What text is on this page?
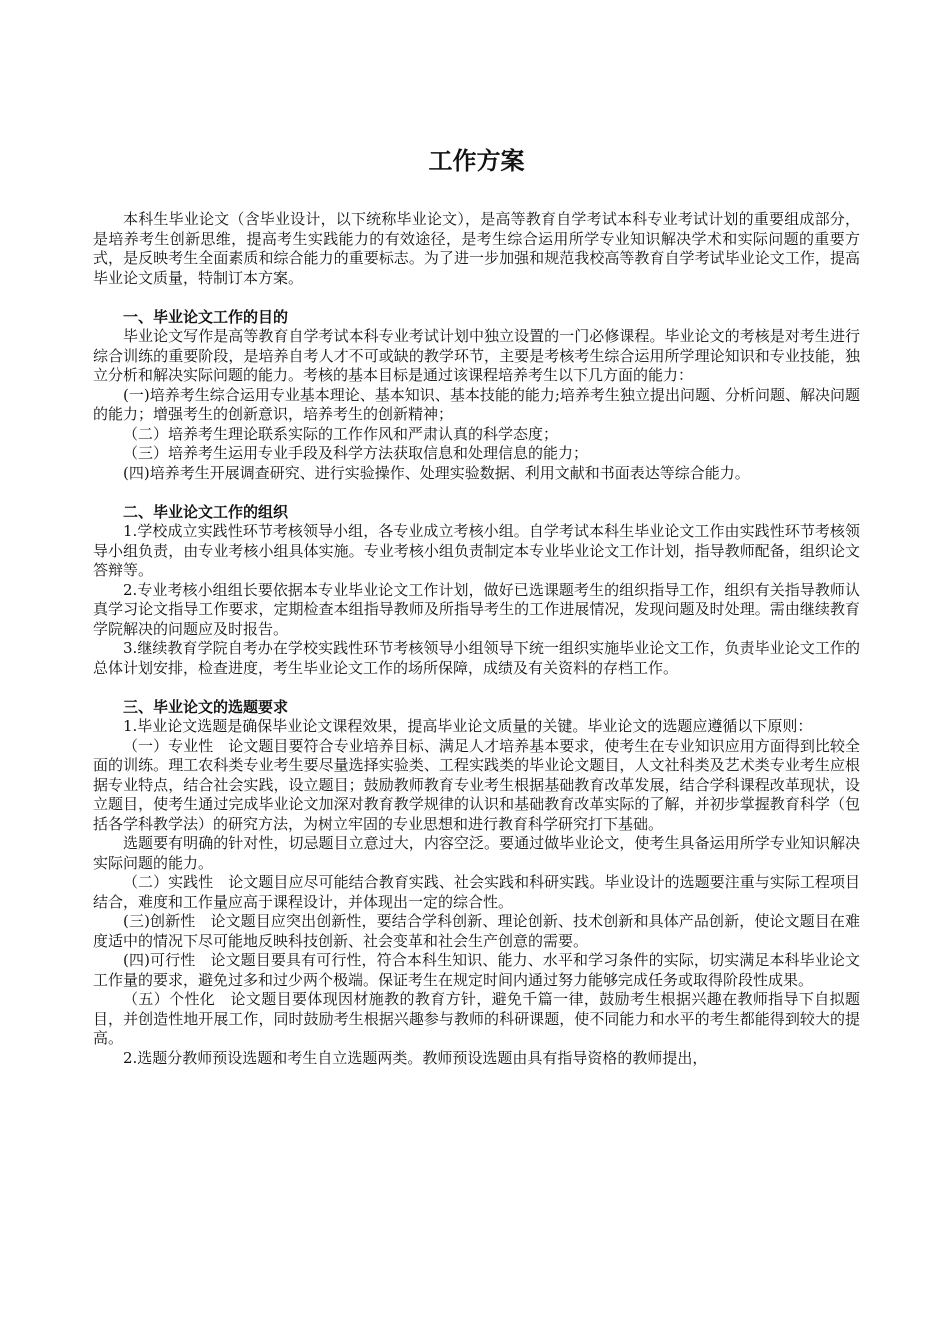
工作方案

本科生毕业论文（含毕业设计，以下统称毕业论文），是高等教育自学考试本科专业考试计划的重要组成部分，是培养考生创新思维，提高考生实践能力的有效途径，是考生综合运用所学专业知识解决学术和实际问题的重要方式，是反映考生全面素质和综合能力的重要标志。为了进一步加强和规范我校高等教育自学考试毕业论文工作，提高毕业论文质量，特制订本方案。

一、毕业论文工作的目的

毕业论文写作是高等教育自学考试本科专业考试计划中独立设置的一门必修课程。毕业论文的考核是对考生进行综合训练的重要阶段，是培养自考人才不可或缺的教学环节，主要是考核考生综合运用所学理论知识和专业技能，独立分析和解决实际问题的能力。考核的基本目标是通过该课程培养考生以下几方面的能力：

(一)培养考生综合运用专业基本理论、基本知识、基本技能的能力;培养考生独立提出问题、分析问题、解决问题的能力；增强考生的创新意识，培养考生的创新精神；

（二）培养考生理论联系实际的工作作风和严肃认真的科学态度；

（三）培养考生运用专业手段及科学方法获取信息和处理信息的能力；

(四)培养考生开展调查研究、进行实验操作、处理实验数据、利用文献和书面表达等综合能力。

二、毕业论文工作的组织

1.学校成立实践性环节考核领导小组，各专业成立考核小组。自学考试本科生毕业论文工作由实践性环节考核领导小组负责，由专业考核小组具体实施。专业考核小组负责制定本专业毕业论文工作计划，指导教师配备，组织论文答辩等。

2.专业考核小组组长要依据本专业毕业论文工作计划，做好已选课题考生的组织指导工作，组织有关指导教师认真学习论文指导工作要求，定期检查本组指导教师及所指导考生的工作进展情况，发现问题及时处理。需由继续教育学院解决的问题应及时报告。

3.继续教育学院自考办在学校实践性环节考核领导小组领导下统一组织实施毕业论文工作，负责毕业论文工作的总体计划安排，检查进度，考生毕业论文工作的场所保障，成绩及有关资料的存档工作。

三、毕业论文的选题要求

1.毕业论文选题是确保毕业论文课程效果，提高毕业论文质量的关键。毕业论文的选题应遵循以下原则：

（一）专业性　论文题目要符合专业培养目标、满足人才培养基本要求，使考生在专业知识应用方面得到比较全面的训练。理工农科类专业考生要尽量选择实验类、工程实践类的毕业论文题目，人文社科类及艺术类专业考生应根据专业特点，结合社会实践，设立题目；鼓励教师教育专业考生根据基础教育改革发展，结合学科课程改革现状，设立题目，使考生通过完成毕业论文加深对教育教学规律的认识和基础教育改革实际的了解，并初步掌握教育科学（包括各学科教学法）的研究方法，为树立牢固的专业思想和进行教育科学研究打下基础。

选题要有明确的针对性，切忌题目立意过大，内容空泛。要通过做毕业论文，使考生具备运用所学专业知识解决实际问题的能力。

（二）实践性　论文题目应尽可能结合教育实践、社会实践和科研实践。毕业设计的选题要注重与实际工程项目结合，难度和工作量应高于课程设计，并体现出一定的综合性。

(三)创新性　论文题目应突出创新性，要结合学科创新、理论创新、技术创新和具体产品创新，使论文题目在难度适中的情况下尽可能地反映科技创新、社会变革和社会生产创意的需要。

(四)可行性　论文题目要具有可行性，符合本科生知识、能力、水平和学习条件的实际，切实满足本科毕业论文工作量的要求，避免过多和过少两个极端。保证考生在规定时间内通过努力能够完成任务或取得阶段性成果。

（五）个性化　论文题目要体现因材施教的教育方针，避免千篇一律，鼓励考生根据兴趣在教师指导下自拟题目，并创造性地开展工作，同时鼓励考生根据兴趣参与教师的科研课题，使不同能力和水平的考生都能得到较大的提高。

2.选题分教师预设选题和考生自立选题两类。教师预设选题由具有指导资格的教师提出，
